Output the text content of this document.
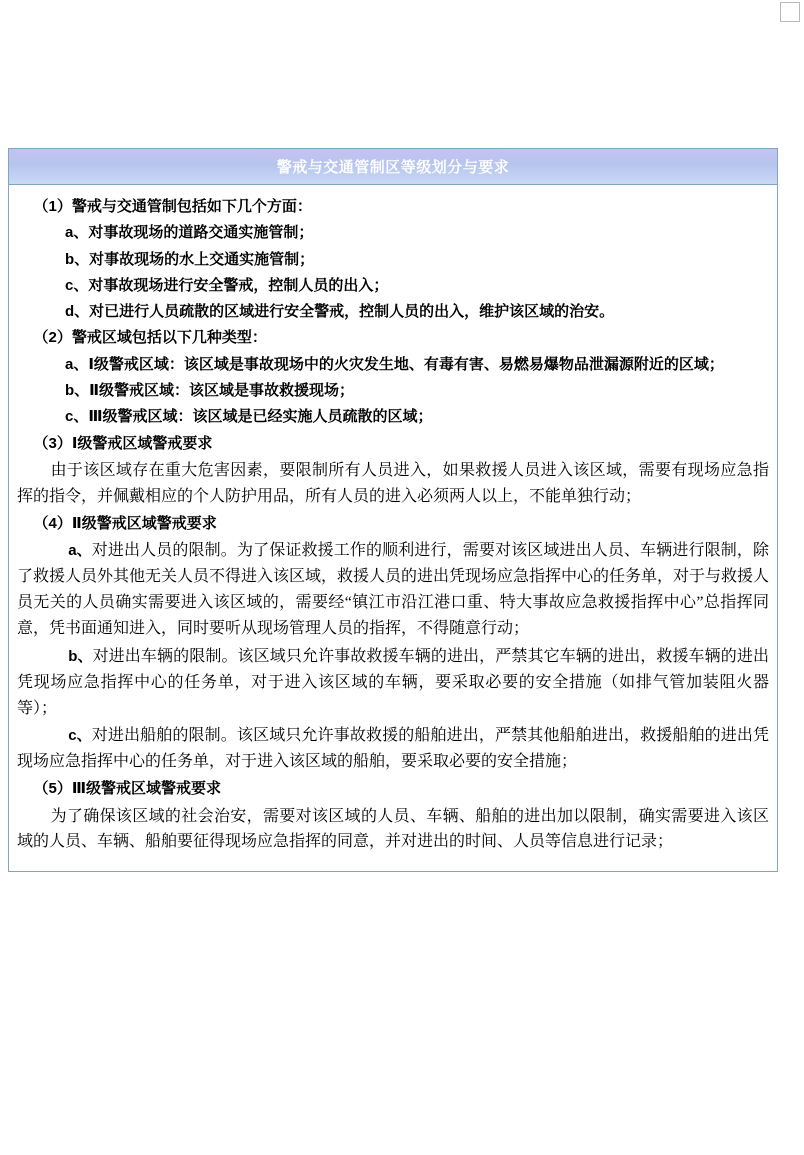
警戒与交通管制区等级划分与要求

（1）警戒与交通管制包括如下几个方面：

a、对事故现场的道路交通实施管制；

b、对事故现场的水上交通实施管制；

c、对事故现场进行安全警戒，控制人员的出入；

d、对已进行人员疏散的区域进行安全警戒，控制人员的出入，维护该区域的治安。

（2）警戒区域包括以下几种类型：

a、Ⅰ级警戒区域：该区域是事故现场中的火灾发生地、有毒有害、易燃易爆物品泄漏源附近的区域；

b、Ⅱ级警戒区域：该区域是事故救援现场；

c、Ⅲ级警戒区域：该区域是已经实施人员疏散的区域；

（3）Ⅰ级警戒区域警戒要求

由于该区域存在重大危害因素，要限制所有人员进入，如果救援人员进入该区域，需要有现场应急指挥的指令，并佩戴相应的个人防护用品，所有人员的进入必须两人以上，不能单独行动；

（4）Ⅱ级警戒区域警戒要求

a、对进出人员的限制。为了保证救援工作的顺利进行，需要对该区域进出人员、车辆进行限制，除了救援人员外其他无关人员不得进入该区域，救援人员的进出凭现场应急指挥中心的任务单，对于与救援人员无关的人员确实需要进入该区域的，需要经“镇江市沿江港口重、特大事故应急救援指挥中心”总指挥同意，凭书面通知进入，同时要听从现场管理人员的指挥，不得随意行动；

b、对进出车辆的限制。该区域只允许事故救援车辆的进出，严禁其它车辆的进出，救援车辆的进出凭现场应急指挥中心的任务单，对于进入该区域的车辆，要采取必要的安全措施（如排气管加装阻火器等）；

c、对进出船舶的限制。该区域只允许事故救援的船舶进出，严禁其他船舶进出，救援船舶的进出凭现场应急指挥中心的任务单，对于进入该区域的船舶，要采取必要的安全措施；

（5）Ⅲ级警戒区域警戒要求

为了确保该区域的社会治安，需要对该区域的人员、车辆、船舶的进出加以限制，确实需要进入该区域的人员、车辆、船舶要征得现场应急指挥的同意，并对进出的时间、人员等信息进行记录；
